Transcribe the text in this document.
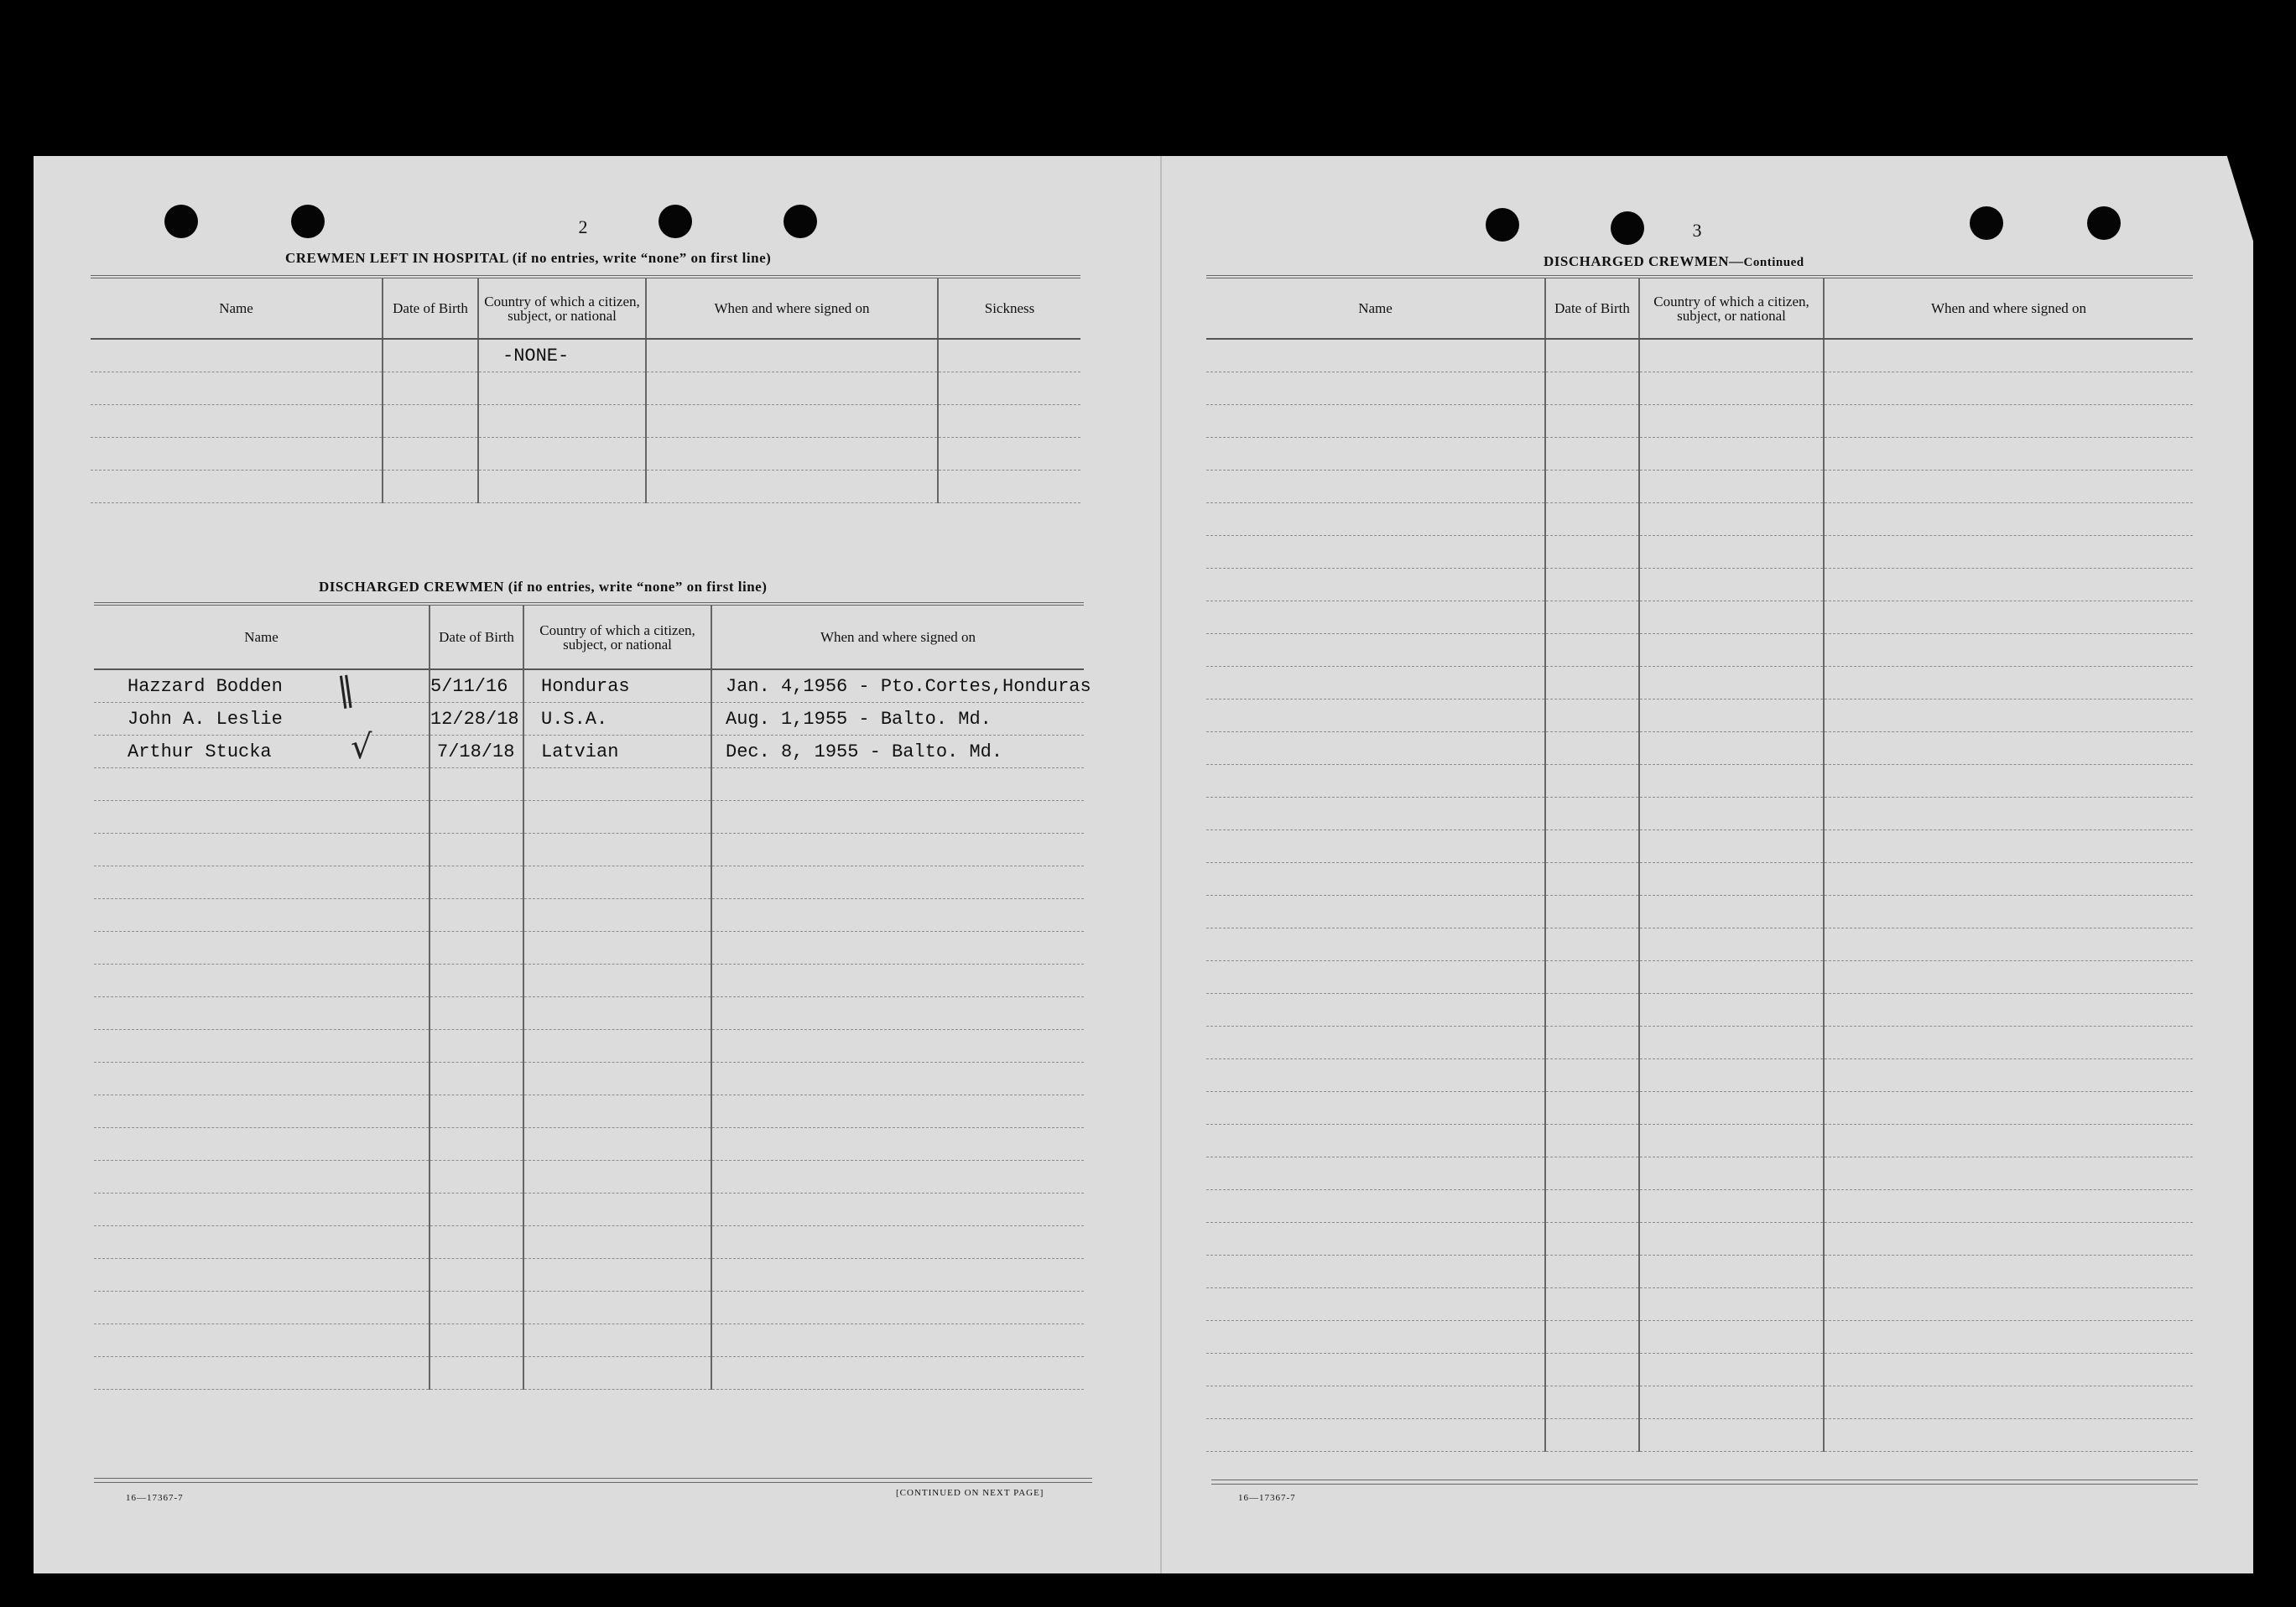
2
CREWMEN LEFT IN HOSPITAL (if no entries, write “none” on first line)
Name	Date of Birth	Country of which a citizen, subject, or national	When and where signed on	Sickness
		-NONE-		

DISCHARGED CREWMEN (if no entries, write “none” on first line)
Name	Date of Birth	Country of which a citizen, subject, or national	When and where signed on
Hazzard Bodden	5/11/16	Honduras	Jan. 4,1956 - Pto.Cortes,Honduras
John A. Leslie	12/28/18	U.S.A.	Aug. 1,1955 - Balto. Md.
Arthur Stucka	7/18/18	Latvian	Dec. 8, 1955 - Balto. Md.

∥
√
16—17367-7	[CONTINUED ON NEXT PAGE]
3
DISCHARGED CREWMEN—Continued
Name	Date of Birth	Country of which a citizen, subject, or national	When and where signed on

16—17367-7
